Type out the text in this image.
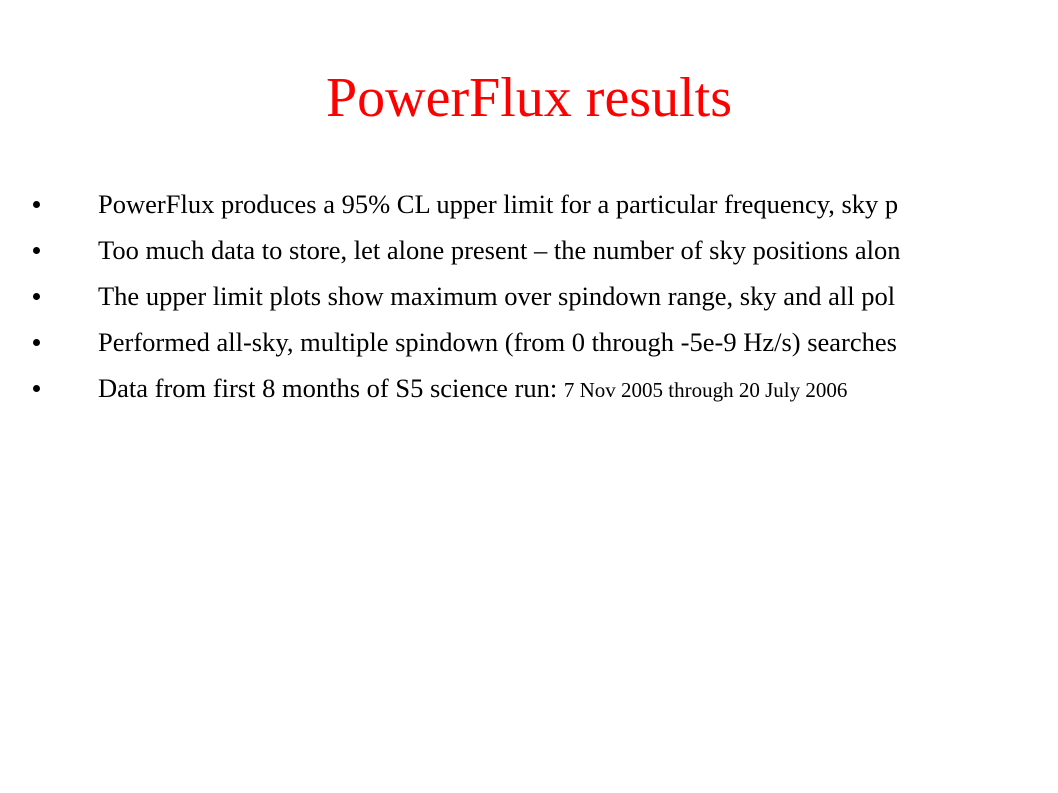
PowerFlux results
PowerFlux produces a 95% CL upper limit for a particular frequency, sky p
Too much data to store, let alone present – the number of sky positions alon
The upper limit plots show maximum over spindown range, sky and all pol
Performed all-sky, multiple spindown (from 0 through -5e-9 Hz/s) searches
Data from first 8 months of S5 science run: 7 Nov 2005 through 20 July 2006
